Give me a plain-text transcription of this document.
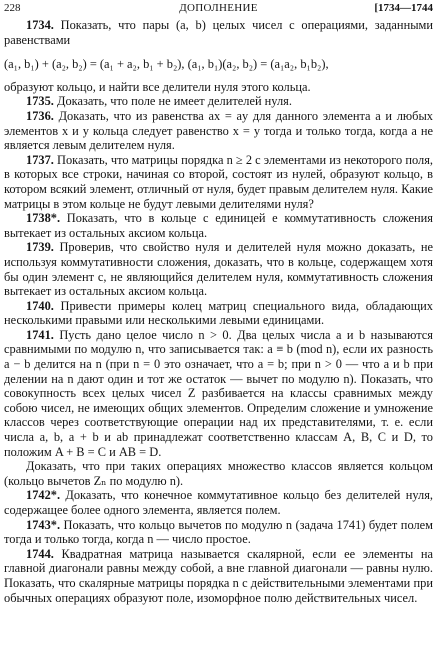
228	ДОПОЛНЕНИЕ	[1734—1744

1734. Показать, что пары (a, b) целых чисел с операциями, заданными равенствами

(a₁, b₁) + (a₂, b₂) = (a₁ + a₂, b₁ + b₂), (a₁, b₁)(a₂, b₂) = (a₁a₂, b₁b₂),

образуют кольцо, и найти все делители нуля этого кольца.

1735. Доказать, что поле не имеет делителей нуля.

1736. Доказать, что из равенства ax = ay для данного элемента a и любых элементов x и y кольца следует равенство x = y тогда и только тогда, когда a не является левым делителем нуля.

1737. Показать, что матрицы порядка n ≥ 2 с элементами из некоторого поля, в которых все строки, начиная со второй, состоят из нулей, образуют кольцо, в котором всякий элемент, отличный от нуля, будет правым делителем нуля. Какие матрицы в этом кольце не будут левыми делителями нуля?

1738*. Показать, что в кольце с единицей e коммутативность сложения вытекает из остальных аксиом кольца.

1739. Проверив, что свойство нуля и делителей нуля можно доказать, не используя коммутативности сложения, доказать, что в кольце, содержащем хотя бы один элемент c, не являющийся делителем нуля, коммутативность сложения вытекает из остальных аксиом кольца.

1740. Привести примеры колец матриц специального вида, обладающих несколькими правыми или несколькими левыми единицами.

1741. Пусть дано целое число n > 0. Два целых числа a и b называются сравнимыми по модулю n, что записывается так: a ≡ b (mod n), если их разность a − b делится на n (при n = 0 это означает, что a = b; при n > 0 — что a и b при делении на n дают один и тот же остаток — вычет по модулю n). Показать, что совокупность всех целых чисел Z разбивается на классы сравнимых между собою чисел, не имеющих общих элементов. Определим сложение и умножение классов через соответствующие операции над их представителями, т. е. если числа a, b, a + b и ab принадлежат соответственно классам A, B, C и D, то положим A + B = C и AB = D.

Доказать, что при таких операциях множество классов является кольцом (кольцо вычетов Zₙ по модулю n).

1742*. Доказать, что конечное коммутативное кольцо без делителей нуля, содержащее более одного элемента, является полем.

1743*. Показать, что кольцо вычетов по модулю n (задача 1741) будет полем тогда и только тогда, когда n — число простое.

1744. Квадратная матрица называется скалярной, если ее элементы на главной диагонали равны между собой, а вне главной диагонали — равны нулю. Показать, что скалярные матрицы порядка n с действительными элементами при обычных операциях образуют поле, изоморфное полю действительных чисел.
